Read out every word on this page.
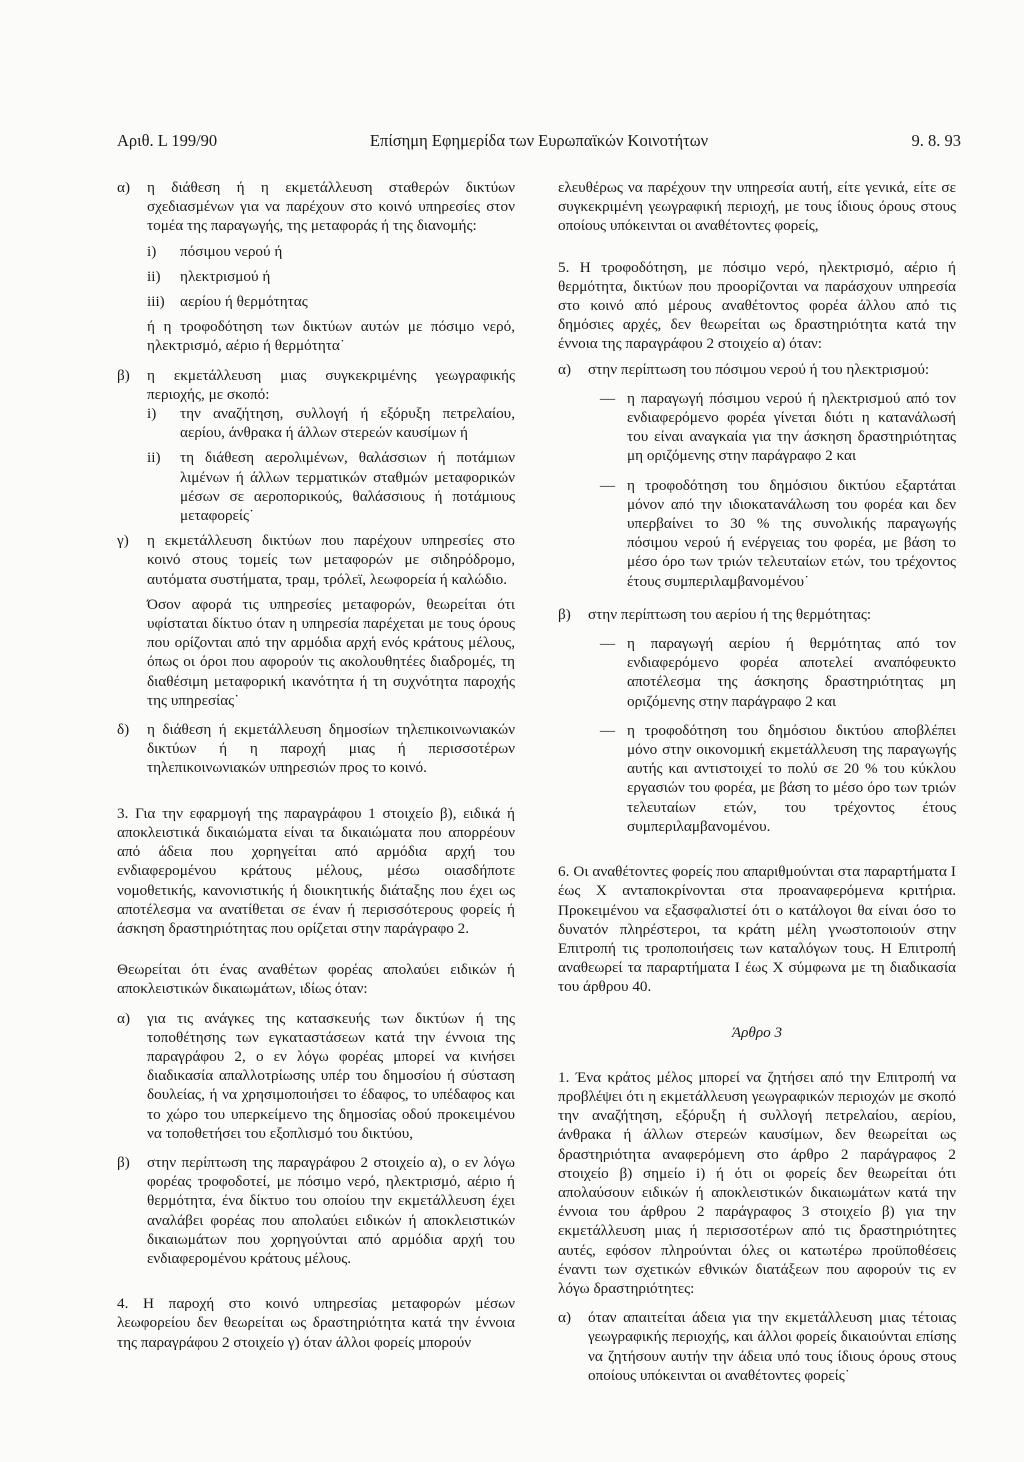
Αριθ. L 199/90	Επίσημη Εφημερίδα των Ευρωπαϊκών Κοινοτήτων	9. 8. 93
α)	η διάθεση ή η εκμετάλλευση σταθερών δικτύων σχεδιασμένων για να παρέχουν στο κοινό υπηρεσίες στον τομέα της παραγωγής, της μεταφοράς ή της διανομής:
i)	πόσιμου νερού ή
ii)	ηλεκτρισμού ή
iii)	αερίου ή θερμότητας
ή η τροφοδότηση των δικτύων αυτών με πόσιμο νερό, ηλεκτρισμό, αέριο ή θερμότητα˙
β)	η εκμετάλλευση μιας συγκεκριμένης γεωγραφικής περιοχής, με σκοπό:
i)	την αναζήτηση, συλλογή ή εξόρυξη πετρελαίου, αερίου, άνθρακα ή άλλων στερεών καυσίμων ή
ii)	τη διάθεση αερολιμένων, θαλάσσιων ή ποτάμιων λιμένων ή άλλων τερματικών σταθμών μεταφορικών μέσων σε αεροπορικούς, θαλάσσιους ή ποτάμιους μεταφορείς˙
γ)	η εκμετάλλευση δικτύων που παρέχουν υπηρεσίες στο κοινό στους τομείς των μεταφορών με σιδηρόδρομο, αυτόματα συστήματα, τραμ, τρόλεϊ, λεωφορεία ή καλώδιο.
Όσον αφορά τις υπηρεσίες μεταφορών, θεωρείται ότι υφίσταται δίκτυο όταν η υπηρεσία παρέχεται με τους όρους που ορίζονται από την αρμόδια αρχή ενός κράτους μέλους, όπως οι όροι που αφορούν τις ακολουθητέες διαδρομές, τη διαθέσιμη μεταφορική ικανότητα ή τη συχνότητα παροχής της υπηρεσίας˙
δ)	η διάθεση ή εκμετάλλευση δημοσίων τηλεπικοινωνιακών δικτύων ή η παροχή μιας ή περισσοτέρων τηλεπικοινωνιακών υπηρεσιών προς το κοινό.
3. Για την εφαρμογή της παραγράφου 1 στοιχείο β), ειδικά ή αποκλειστικά δικαιώματα είναι τα δικαιώματα που απορρέουν από άδεια που χορηγείται από αρμόδια αρχή του ενδιαφερομένου κράτους μέλους, μέσω οιασδήποτε νομοθετικής, κανονιστικής ή διοικητικής διάταξης που έχει ως αποτέλεσμα να ανατίθεται σε έναν ή περισσότερους φορείς ή άσκηση δραστηριότητας που ορίζεται στην παράγραφο 2.
Θεωρείται ότι ένας αναθέτων φορέας απολαύει ειδικών ή αποκλειστικών δικαιωμάτων, ιδίως όταν:
α)	για τις ανάγκες της κατασκευής των δικτύων ή της τοποθέτησης των εγκαταστάσεων κατά την έννοια της παραγράφου 2, ο εν λόγω φορέας μπορεί να κινήσει διαδικασία απαλλοτρίωσης υπέρ του δημοσίου ή σύσταση δουλείας, ή να χρησιμοποιήσει το έδαφος, το υπέδαφος και το χώρο του υπερκείμενο της δημοσίας οδού προκειμένου να τοποθετήσει του εξοπλισμό του δικτύου,
β)	στην περίπτωση της παραγράφου 2 στοιχείο α), ο εν λόγω φορέας τροφοδοτεί, με πόσιμο νερό, ηλεκτρισμό, αέριο ή θερμότητα, ένα δίκτυο του οποίου την εκμετάλλευση έχει αναλάβει φορέας που απολαύει ειδικών ή αποκλειστικών δικαιωμάτων που χορηγούνται από αρμόδια αρχή του ενδιαφερομένου κράτους μέλους.
4. Η παροχή στο κοινό υπηρεσίας μεταφορών μέσων λεωφορείου δεν θεωρείται ως δραστηριότητα κατά την έννοια της παραγράφου 2 στοιχείο γ) όταν άλλοι φορείς μπορούν
ελευθέρως να παρέχουν την υπηρεσία αυτή, είτε γενικά, είτε σε συγκεκριμένη γεωγραφική περιοχή, με τους ίδιους όρους στους οποίους υπόκεινται οι αναθέτοντες φορείς,
5. Η τροφοδότηση, με πόσιμο νερό, ηλεκτρισμό, αέριο ή θερμότητα, δικτύων που προορίζονται να παράσχουν υπηρεσία στο κοινό από μέρους αναθέτοντος φορέα άλλου από τις δημόσιες αρχές, δεν θεωρείται ως δραστηριότητα κατά την έννοια της παραγράφου 2 στοιχείο α) όταν:
α)	στην περίπτωση του πόσιμου νερού ή του ηλεκτρισμού:
— η παραγωγή πόσιμου νερού ή ηλεκτρισμού από τον ενδιαφερόμενο φορέα γίνεται διότι η κατανάλωσή του είναι αναγκαία για την άσκηση δραστηριότητας μη οριζόμενης στην παράγραφο 2 και
— η τροφοδότηση του δημόσιου δικτύου εξαρτάται μόνον από την ιδιοκατανάλωση του φορέα και δεν υπερβαίνει το 30 % της συνολικής παραγωγής πόσιμου νερού ή ενέργειας του φορέα, με βάση το μέσο όρο των τριών τελευταίων ετών, του τρέχοντος έτους συμπεριλαμβανομένου˙
β)	στην περίπτωση του αερίου ή της θερμότητας:
— η παραγωγή αερίου ή θερμότητας από τον ενδιαφερόμενο φορέα αποτελεί αναπόφευκτο αποτέλεσμα της άσκησης δραστηριότητας μη οριζόμενης στην παράγραφο 2 και
— η τροφοδότηση του δημόσιου δικτύου αποβλέπει μόνο στην οικονομική εκμετάλλευση της παραγωγής αυτής και αντιστοιχεί το πολύ σε 20 % του κύκλου εργασιών του φορέα, με βάση το μέσο όρο των τριών τελευταίων ετών, του τρέχοντος έτους συμπεριλαμβανομένου.
6. Οι αναθέτοντες φορείς που απαριθμούνται στα παραρτήματα Ι έως Χ ανταποκρίνονται στα προαναφερόμενα κριτήρια. Προκειμένου να εξασφαλιστεί ότι ο κατάλογοι θα είναι όσο το δυνατόν πληρέστεροι, τα κράτη μέλη γνωστοποιούν στην Επιτροπή τις τροποποιήσεις των καταλόγων τους. Η Επιτροπή αναθεωρεί τα παραρτήματα Ι έως Χ σύμφωνα με τη διαδικασία του άρθρου 40.
Άρθρο 3
1. Ένα κράτος μέλος μπορεί να ζητήσει από την Επιτροπή να προβλέψει ότι η εκμετάλλευση γεωγραφικών περιοχών με σκοπό την αναζήτηση, εξόρυξη ή συλλογή πετρελαίου, αερίου, άνθρακα ή άλλων στερεών καυσίμων, δεν θεωρείται ως δραστηριότητα αναφερόμενη στο άρθρο 2 παράγραφος 2 στοιχείο β) σημείο i) ή ότι οι φορείς δεν θεωρείται ότι απολαύσουν ειδικών ή αποκλειστικών δικαιωμάτων κατά την έννοια του άρθρου 2 παράγραφος 3 στοιχείο β) για την εκμετάλλευση μιας ή περισσοτέρων από τις δραστηριότητες αυτές, εφόσον πληρούνται όλες οι κατωτέρω προϋποθέσεις έναντι των σχετικών εθνικών διατάξεων που αφορούν τις εν λόγω δραστηριότητες:
α)	όταν απαιτείται άδεια για την εκμετάλλευση μιας τέτοιας γεωγραφικής περιοχής, και άλλοι φορείς δικαιούνται επίσης να ζητήσουν αυτήν την άδεια υπό τους ίδιους όρους στους οποίους υπόκεινται οι αναθέτοντες φορείς˙
